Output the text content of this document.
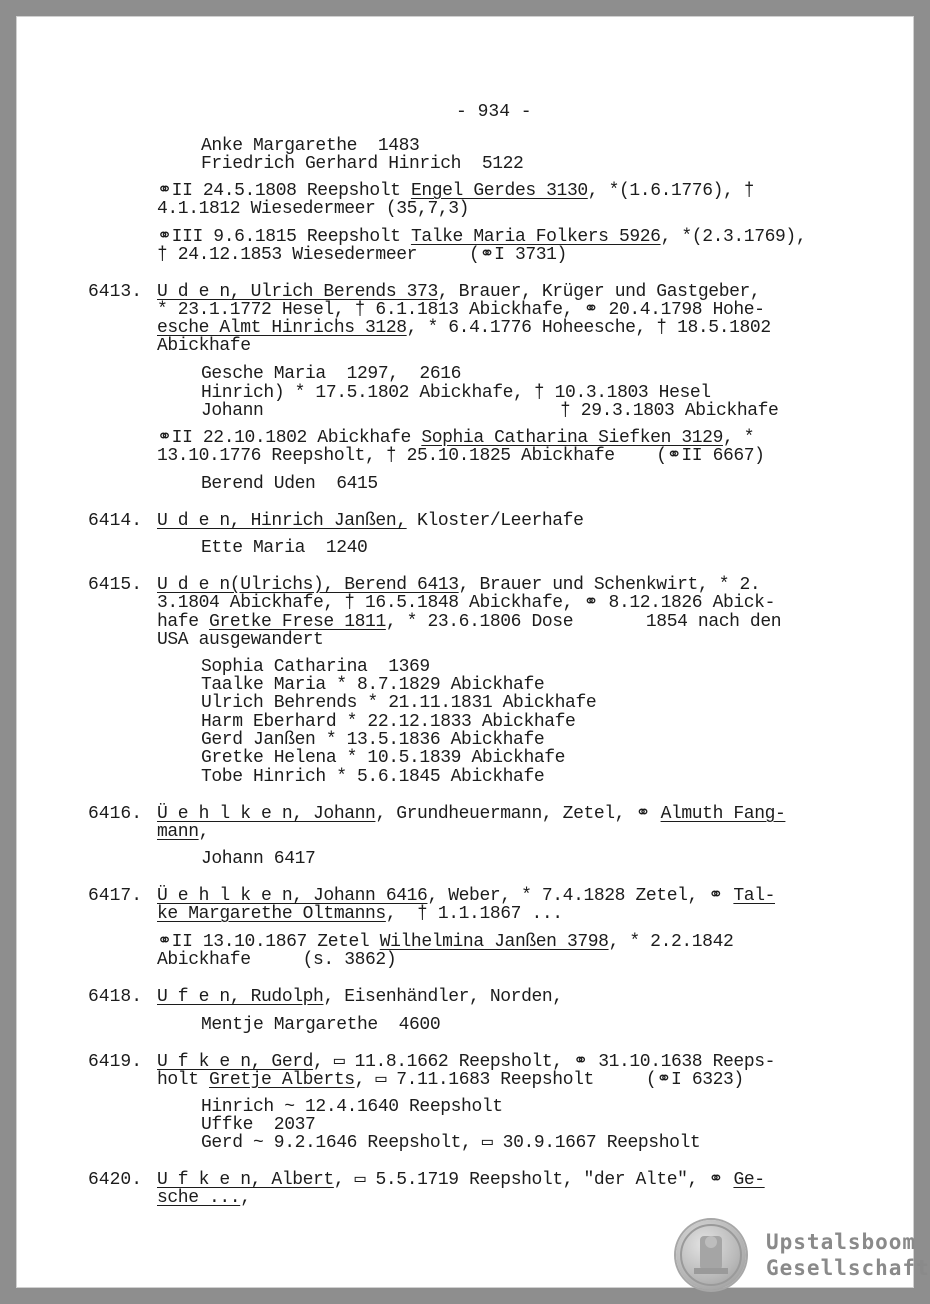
- 934 -
Anke Margarethe  1483
Friedrich Gerhard Hinrich  5122
⚭II 24.5.1808 Reepsholt Engel Gerdes 3130, *(1.6.1776), †
4.1.1812 Wiesedermeer (35,7,3)
⚭III 9.6.1815 Reepsholt Talke Maria Folkers 5926, *(2.3.1769),
† 24.12.1853 Wiesedermeer     (⚭I 3731)
6413. U d e n, Ulrich Berends 373, Brauer, Krüger und Gastgeber,
* 23.1.1772 Hesel, † 6.1.1813 Abickhafe, ⚭ 20.4.1798 Hohe-
esche Almt Hinrichs 3128, * 6.4.1776 Hoheesche, † 18.5.1802
Abickhafe
Gesche Maria  1297,  2616
Hinrich) * 17.5.1802 Abickhafe, † 10.3.1803 Hesel
Johann	† 29.3.1803 Abickhafe
⚭II 22.10.1802 Abickhafe Sophia Catharina Siefken 3129, *
13.10.1776 Reepsholt, † 25.10.1825 Abickhafe    (⚭II 6667)
Berend Uden  6415
6414. U d e n, Hinrich Janßen, Kloster/Leerhafe
Ette Maria  1240
6415. U d e n(Ulrichs), Berend 6413, Brauer und Schenkwirt, * 2.
3.1804 Abickhafe, † 16.5.1848 Abickhafe, ⚭ 8.12.1826 Abick-
hafe Gretke Frese 1811, * 23.6.1806 Dose       1854 nach den
USA ausgewandert
Sophia Catharina  1369
Taalke Maria * 8.7.1829 Abickhafe
Ulrich Behrends * 21.11.1831 Abickhafe
Harm Eberhard * 22.12.1833 Abickhafe
Gerd Janßen * 13.5.1836 Abickhafe
Gretke Helena * 10.5.1839 Abickhafe
Tobe Hinrich * 5.6.1845 Abickhafe
6416. Ü e h l k e n, Johann, Grundheuermann, Zetel, ⚭ Almuth Fang-
mann,
Johann 6417
6417. Ü e h l k e n, Johann 6416, Weber, * 7.4.1828 Zetel, ⚭ Tal-
ke Margarethe Oltmanns,  † 1.1.1867 ...
⚭II 13.10.1867 Zetel Wilhelmina Janßen 3798, * 2.2.1842
Abickhafe     (s. 3862)
6418. U f e n, Rudolph, Eisenhändler, Norden,
Mentje Margarethe  4600
6419. U f k e n, Gerd, ▭ 11.8.1662 Reepsholt, ⚭ 31.10.1638 Reeps-
holt Gretje Alberts, ▭ 7.11.1683 Reepsholt     (⚭I 6323)
Hinrich ~ 12.4.1640 Reepsholt
Uffke  2037
Gerd ~ 9.2.1646 Reepsholt, ▭ 30.9.1667 Reepsholt
6420. U f k e n, Albert, ▭ 5.5.1719 Reepsholt, "der Alte", ⚭ Ge-
sche ...,
Upstalsboom
Gesellschaft
